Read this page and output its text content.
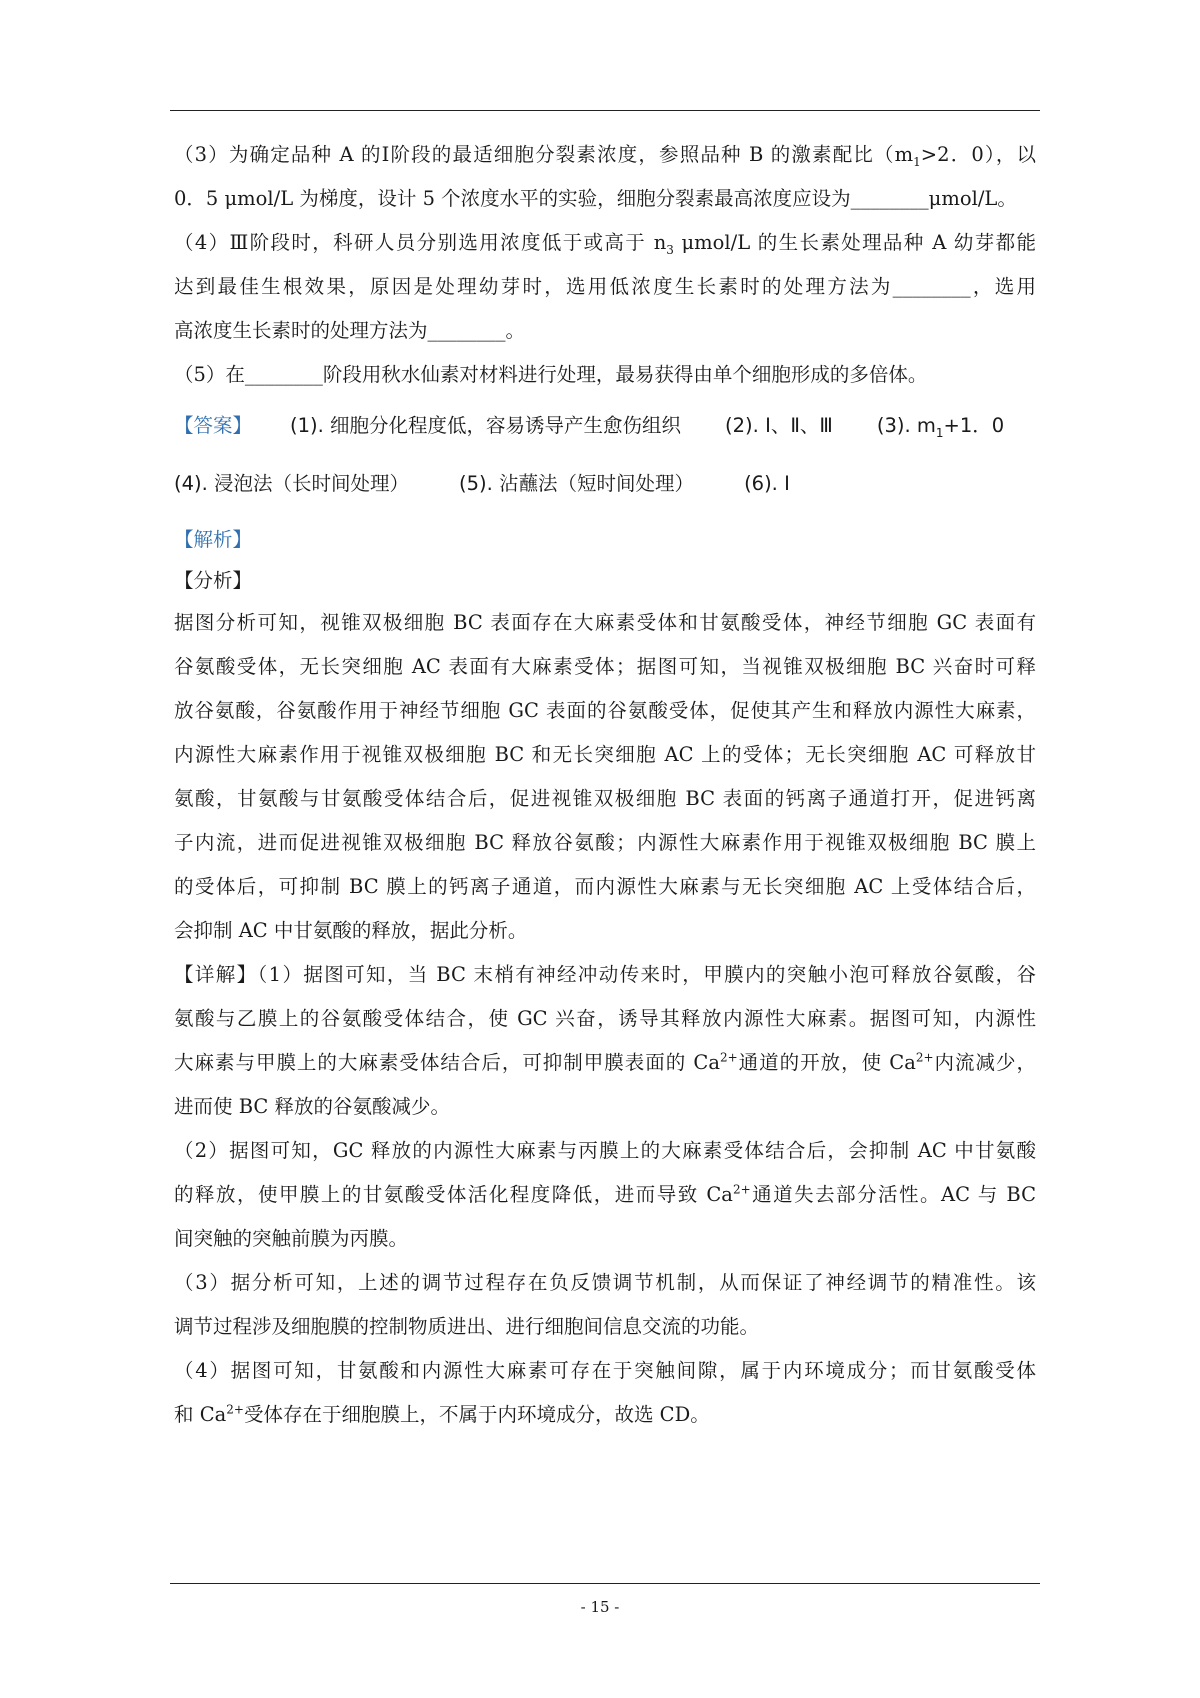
（3）为确定品种 A 的Ⅰ阶段的最适细胞分裂素浓度，参照品种 B 的激素配比（$m_1>2$．0），以
0．5 μmol/L 为梯度，设计 5 个浓度水平的实验，细胞分裂素最高浓度应设为________μmol/L。
（4）Ⅲ阶段时，科研人员分别选用浓度低于或高于 $n_3$ μmol/L 的生长素处理品种 A 幼芽都能
达到最佳生根效果，原因是处理幼芽时，选用低浓度生长素时的处理方法为________，选用
高浓度生长素时的处理方法为________。
（5）在________阶段用秋水仙素对材料进行处理，最易获得由单个细胞形成的多倍体。
【答案】 (1). 细胞分化程度低，容易诱导产生愈伤组织 (2). Ⅰ、Ⅱ、Ⅲ (3). $m_1+1$．0
(4). 浸泡法（长时间处理）	(5). 沾蘸法（短时间处理）	(6). Ⅰ
【解析】
【分析】
据图分析可知，视锥双极细胞 BC 表面存在大麻素受体和甘氨酸受体，神经节细胞 GC 表面有
谷氨酸受体，无长突细胞 AC 表面有大麻素受体；据图可知，当视锥双极细胞 BC 兴奋时可释
放谷氨酸，谷氨酸作用于神经节细胞 GC 表面的谷氨酸受体，促使其产生和释放内源性大麻素，
内源性大麻素作用于视锥双极细胞 BC 和无长突细胞 AC 上的受体；无长突细胞 AC 可释放甘
氨酸，甘氨酸与甘氨酸受体结合后，促进视锥双极细胞 BC 表面的钙离子通道打开，促进钙离
子内流，进而促进视锥双极细胞 BC 释放谷氨酸；内源性大麻素作用于视锥双极细胞 BC 膜上
的受体后，可抑制 BC 膜上的钙离子通道，而内源性大麻素与无长突细胞 AC 上受体结合后，
会抑制 AC 中甘氨酸的释放，据此分析。
【详解】（1）据图可知，当 BC 末梢有神经冲动传来时，甲膜内的突触小泡可释放谷氨酸，谷
氨酸与乙膜上的谷氨酸受体结合，使 GC 兴奋，诱导其释放内源性大麻素。据图可知，内源性
大麻素与甲膜上的大麻素受体结合后，可抑制甲膜表面的 $Ca^{2+}$通道的开放，使 $Ca^{2+}$内流减少，
进而使 BC 释放的谷氨酸减少。
（2）据图可知，GC 释放的内源性大麻素与丙膜上的大麻素受体结合后，会抑制 AC 中甘氨酸
的释放，使甲膜上的甘氨酸受体活化程度降低，进而导致 $Ca^{2+}$通道失去部分活性。AC 与 BC
间突触的突触前膜为丙膜。
（3）据分析可知，上述的调节过程存在负反馈调节机制，从而保证了神经调节的精准性。该
调节过程涉及细胞膜的控制物质进出、进行细胞间信息交流的功能。
（4）据图可知，甘氨酸和内源性大麻素可存在于突触间隙，属于内环境成分；而甘氨酸受体
和 $Ca^{2+}$受体存在于细胞膜上，不属于内环境成分，故选 CD。
- 15 -
